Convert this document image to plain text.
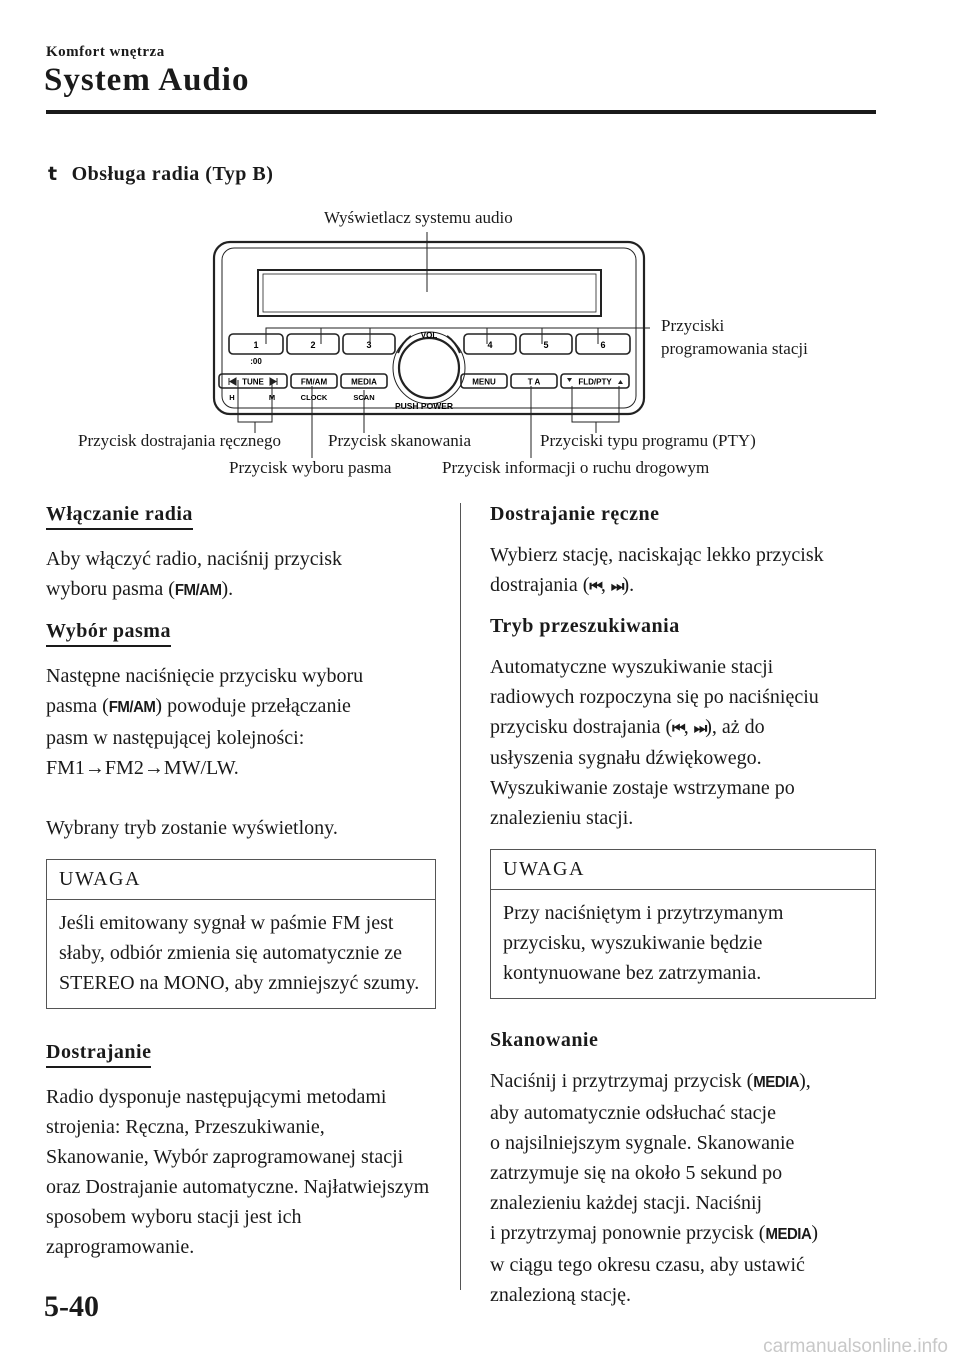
Komfort wnętrza
System Audio
t Obsługa radia (Typ B)
1	2	3	4	5	6
:00
VOL
PUSH POWER
TUNE	FM/AM	MEDIA	MENU	T A	FLD/PTY
H	M	CLOCK	SCAN
Wyświetlacz systemu audio
Przyciski
programowania stacji
Przycisk dostrajania ręcznego	Przycisk skanowania	Przyciski typu programu (PTY)
Przycisk wyboru pasma	Przycisk informacji o ruchu drogowym
Włączanie radia

Aby włączyć radio, naciśnij przycisk
wyboru pasma (FM/AM).

Wybór pasma

Następne naciśnięcie przycisku wyboru
pasma (FM/AM) powoduje przełączanie
pasm w następującej kolejności:
FM1→FM2→MW/LW.

Wybrany tryb zostanie wyświetlony.

UWAGA
Jeśli emitowany sygnał w paśmie FM jest słaby, odbiór zmienia się automatycznie ze STEREO na MONO, aby zmniejszyć szumy.
Dostrajanie

Radio dysponuje następującymi metodami strojenia: Ręczna, Przeszukiwanie, Skanowanie, Wybór zaprogramowanej stacji oraz Dostrajanie automatyczne. Najłatwiejszym sposobem wyboru stacji jest ich zaprogramowanie.

Dostrajanie ręczne

Wybierz stację, naciskając lekko przycisk
dostrajania (⏮, ⏭).

Tryb przeszukiwania

Automatyczne wyszukiwanie stacji
radiowych rozpoczyna się po naciśnięciu
przycisku dostrajania (⏮, ⏭), aż do
usłyszenia sygnału dźwiękowego.
Wyszukiwanie zostaje wstrzymane po
znalezieniu stacji.

UWAGA
Przy naciśniętym i przytrzymanym przycisku, wyszukiwanie będzie kontynuowane bez zatrzymania.
Skanowanie

Naciśnij i przytrzymaj przycisk (MEDIA),
aby automatycznie odsłuchać stacje
o najsilniejszym sygnale. Skanowanie
zatrzymuje się na około 5 sekund po
znalezieniu każdej stacji. Naciśnij
i przytrzymaj ponownie przycisk (MEDIA)
w ciągu tego okresu czasu, aby ustawić
znalezioną stację.

5-40
carmanualsonline.info
